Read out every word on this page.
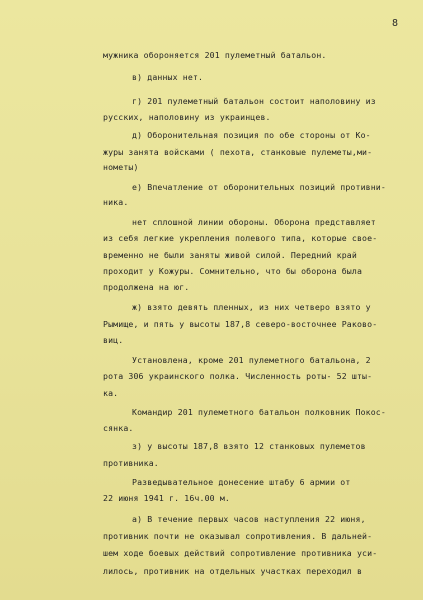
8
мужника обороняется 201 пулеметный батальон.
в) данных нет.
г) 201 пулеметный батальон состоит наполовину из
русских, наполовину из украинцев.
д) Оборонительная позиция по обе стороны от Ко-
журы занята войсками ( пехота, станковые пулеметы,ми-
нометы)
е) Впечатление от оборонительных позиций противни-
ника.
нет сплошной линии обороны. Оборона представляет
из себя легкие укрепления полевого типа, которые свое-
временно не были заняты живой силой. Передний край
проходит у Кожуры. Сомнительно, что бы оборона была
продолжена на юг.
ж) взято девять пленных, из них четверо взято у
Рымище, и пять у высоты 187,8 северо-восточнее Раково-
виц.
Установлена, кроме 201 пулеметного батальона, 2
рота 306 украинского полка. Численность роты- 52 шты-
ка.
Командир 201 пулеметного батальон полковник Покос-
сянка.
з) у высоты 187,8 взято 12 станковых пулеметов
противника.
Разведывательное донесение штабу 6 армии от
22 июня 1941 г. 16ч.00 м.
а) В течение первых часов наступления 22 июня,
противник почти не оказывал сопротивления. В дальней-
шем ходе боевых действий сопротивление противника уси-
лилось, противник на отдельных участках переходил в
